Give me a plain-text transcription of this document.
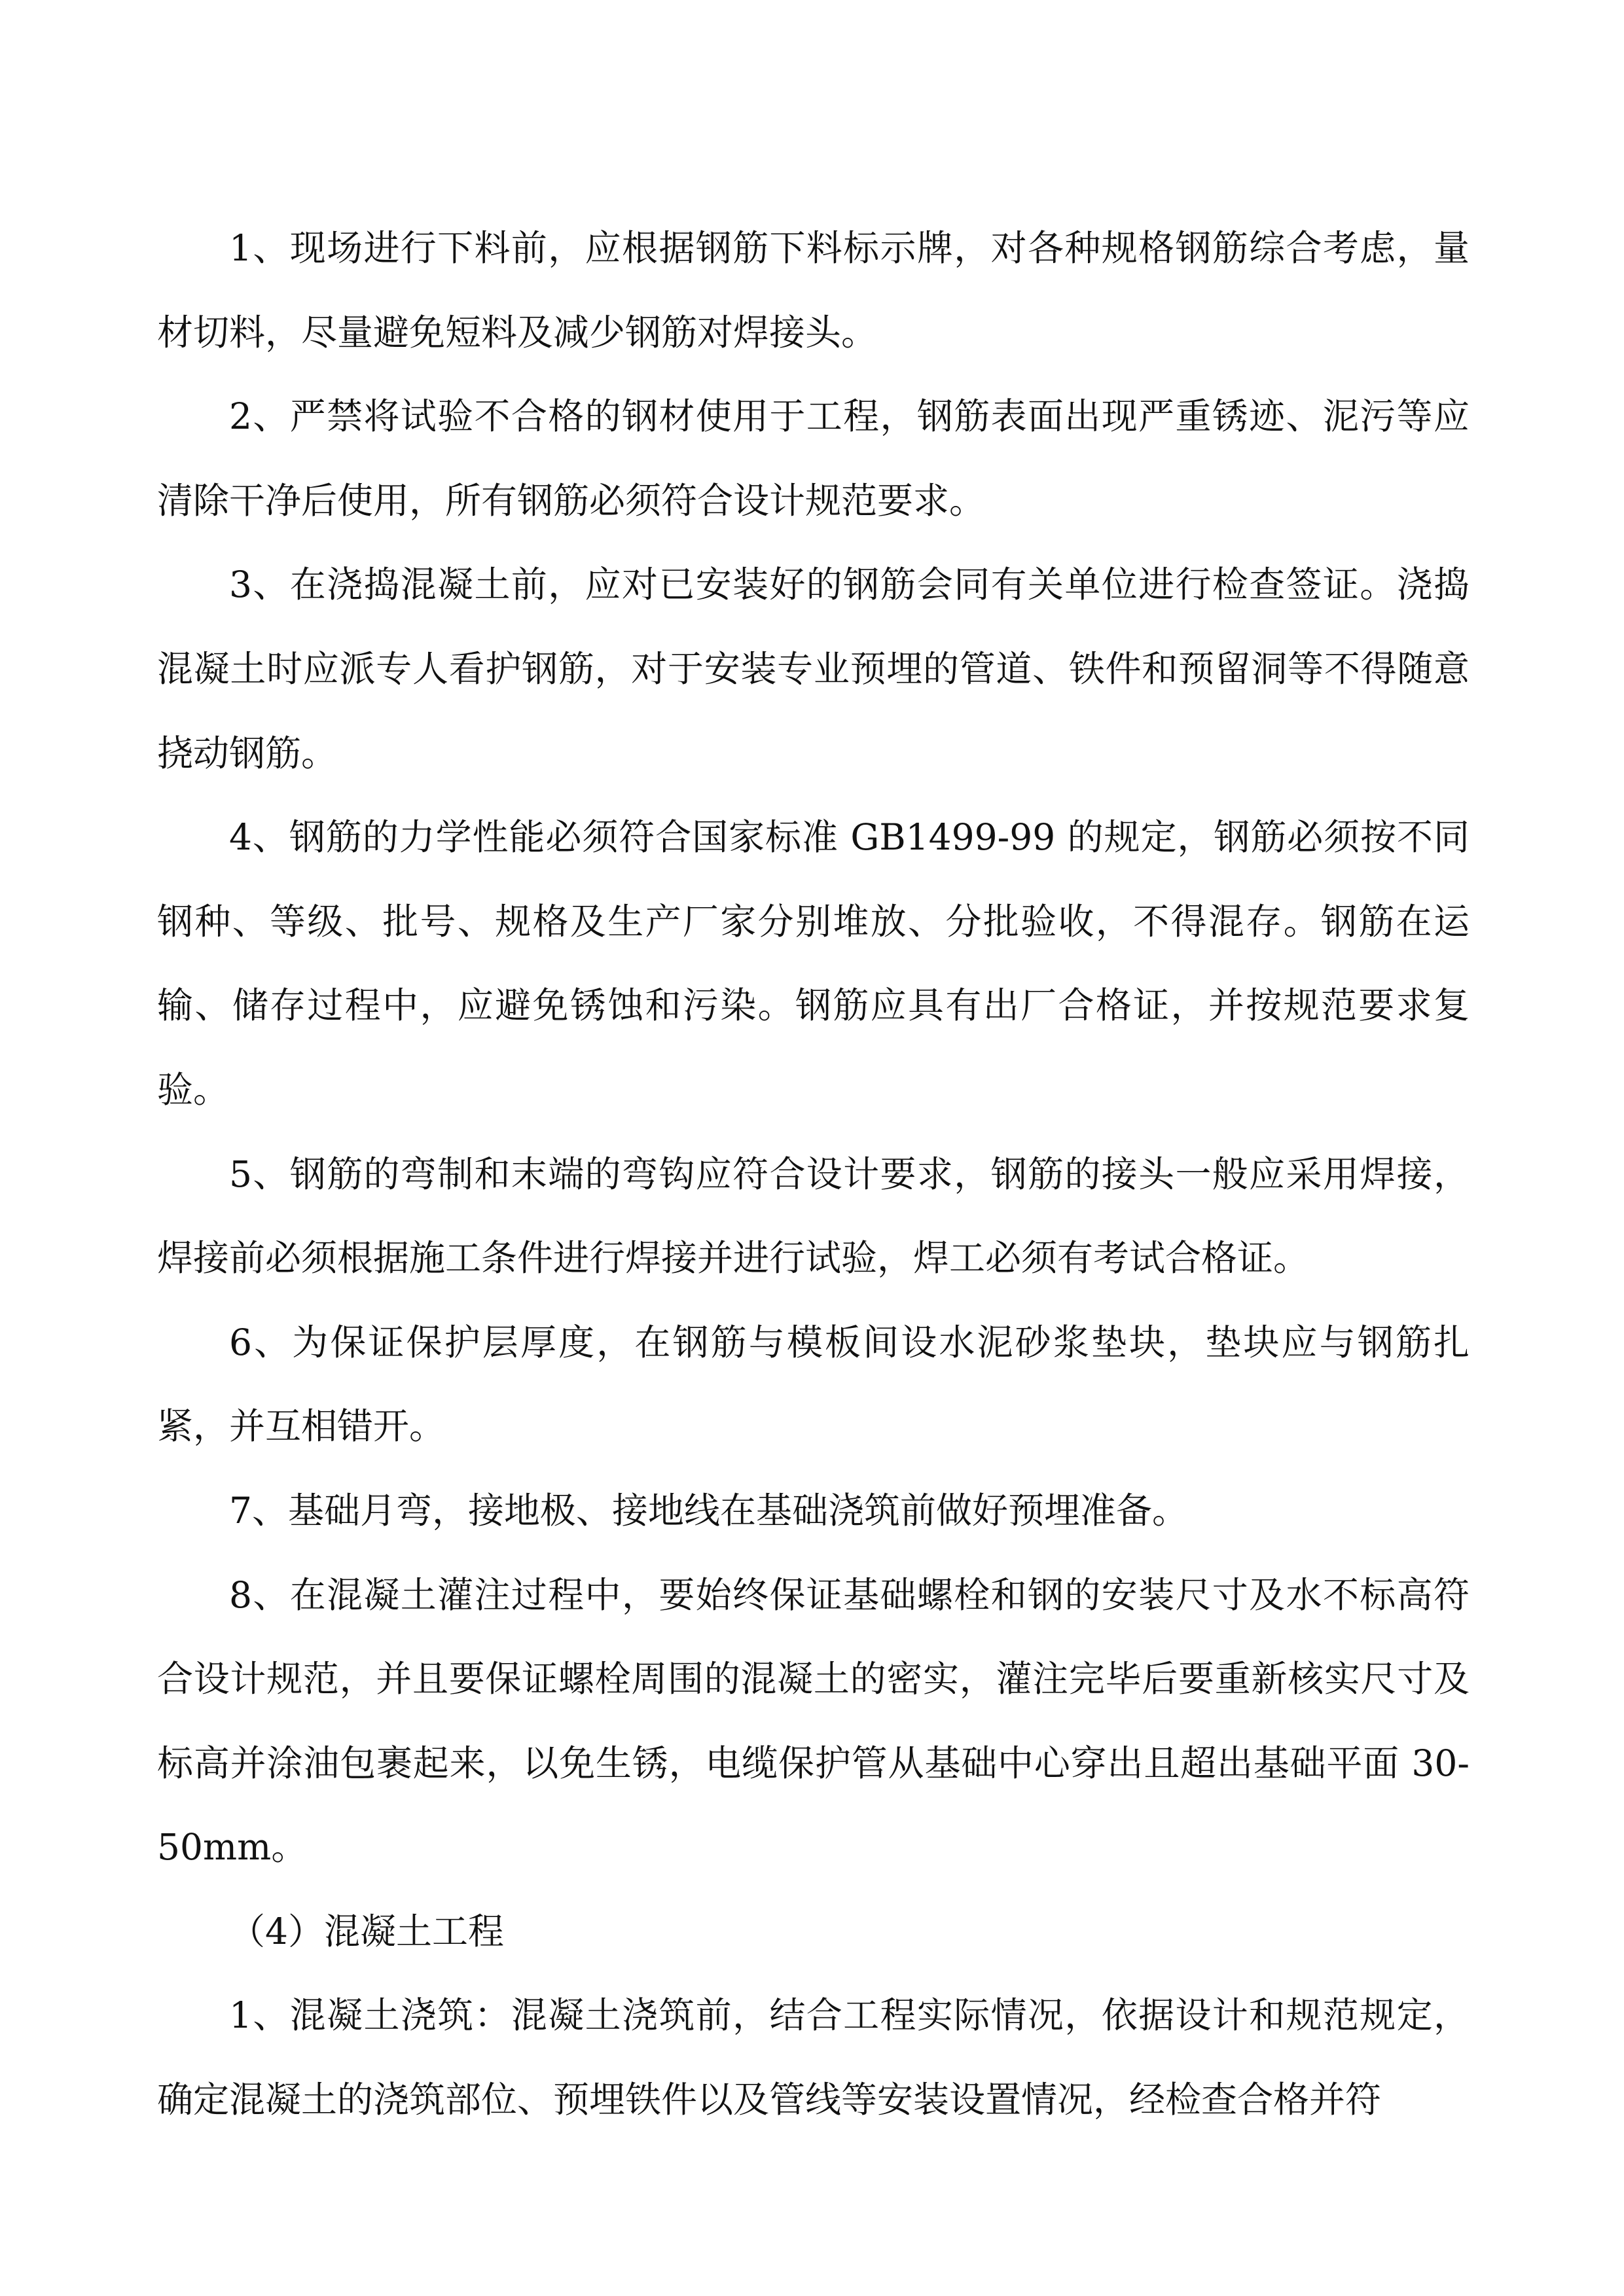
1、现场进行下料前，应根据钢筋下料标示牌，对各种规格钢筋综合考虑，量材切料，尽量避免短料及减少钢筋对焊接头。

2、严禁将试验不合格的钢材使用于工程，钢筋表面出现严重锈迹、泥污等应清除干净后使用，所有钢筋必须符合设计规范要求。

3、在浇捣混凝土前，应对已安装好的钢筋会同有关单位进行检查签证。浇捣混凝土时应派专人看护钢筋，对于安装专业预埋的管道、铁件和预留洞等不得随意挠动钢筋。

4、钢筋的力学性能必须符合国家标准 GB1499-99 的规定，钢筋必须按不同钢种、等级、批号、规格及生产厂家分别堆放、分批验收，不得混存。钢筋在运输、储存过程中，应避免锈蚀和污染。钢筋应具有出厂合格证，并按规范要求复验。

5、钢筋的弯制和末端的弯钩应符合设计要求，钢筋的接头一般应采用焊接，焊接前必须根据施工条件进行焊接并进行试验，焊工必须有考试合格证。

6、为保证保护层厚度，在钢筋与模板间设水泥砂浆垫块，垫块应与钢筋扎紧，并互相错开。

7、基础月弯，接地极、接地线在基础浇筑前做好预埋准备。

8、在混凝土灌注过程中，要始终保证基础螺栓和钢的安装尺寸及水不标高符合设计规范，并且要保证螺栓周围的混凝土的密实，灌注完毕后要重新核实尺寸及标高并涂油包裹起来，以免生锈，电缆保护管从基础中心穿出且超出基础平面 30-50mm。

（4）混凝土工程

1、混凝土浇筑：混凝土浇筑前，结合工程实际情况，依据设计和规范规定，确定混凝土的浇筑部位、预埋铁件以及管线等安装设置情况，经检查合格并符
